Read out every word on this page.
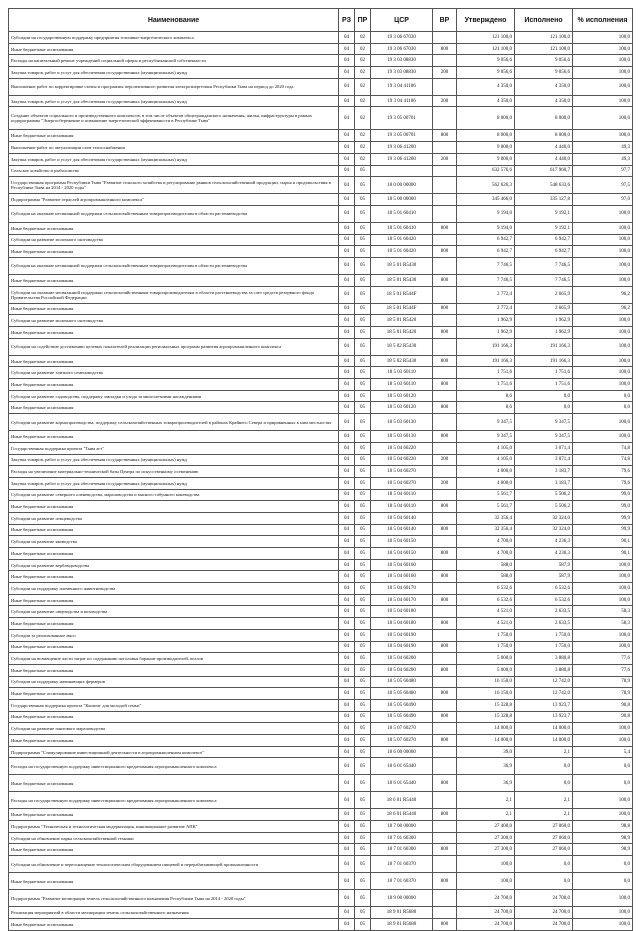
Наименование	РЗ	ПР	ЦСР	ВР	Утверждено	Исполнено	% исполнения
Субсидии на государственную поддержку предприятия топливно-энергетического комплекса	04	02	19 3 06 67030		121 100,0	121 100,0	100,0
Иные бюджетные ассигнования	04	02	19 3 06 67030	800	121 100,0	121 100,0	100,0
Расходы на капитальный ремонт учреждений социальной сферы и республиканской собственности	04	02	19 3 03 08830		9 056,6	9 056,6	100,0
Закупка товаров, работ и услуг для обеспечения государственных (муниципальных) нужд	04	02	19 3 03 08830	200	9 056,6	9 056,6	100,0
Выполнение работ по корректировке схемы и программы перспективного развития электроэнергетики Республики Тыва на период до 2020 года	04	02	19 3 04 41106		4 350,0	4 350,0	100,0
Закупка товаров, работ и услуг для обеспечения государственных (муниципальных) нужд	04	02	19 3 04 41106	200	4 350,0	4 350,0	100,0
Создание объектов социального и производственного комплексов, в том числе объектов общегражданского назначения, жилья, инфраструктуры в рамках подпрограммы "Энергосбережение и повышение энергетической эффективности в Республике Тыва"	04	02	19 3 05 00701		8 000,0	8 000,0	100,0
Иные бюджетные ассигнования	04	02	19 3 05 00701	800	8 000,0	8 000,0	100,0
Выполнение работ по актуализации схем теплоснабжения	04	02	19 3 06 41200		9 000,0	4 440,0	49,3
Закупка товаров, работ и услуг для обеспечения государственных (муниципальных) нужд	04	02	19 3 06 41200	200	9 000,0	4 440,0	49,3
Сельское хозяйство и рыболовство	04	05			632 576,6	617 960,7	97,7
Государственная программа Республики Тыва "Развитие сельского хозяйства и регулирование рынков сельскохозяйственной продукции, сырья и продовольствия в Республике Тыва на 2014 - 2020 годы"	04	05	18 0 00 00000		562 626,3	548 633,6	97,5
Подпрограмма "Развитие отраслей агропромышленного комплекса"	04	05	18 5 00 00000		345 466,0	335 127,8	97,0
Субсидия на оказание несвязанной поддержки сельскохозяйственным товаропроизводителям в области растениеводства	04	05	18 5 01 60410		9 194,0	9 192,1	100,0
Иные бюджетные ассигнования	04	05	18 5 01 60410	800	9 194,0	9 192,1	100,0
Субсидии на развитие молочного скотоводства	04	05	18 5 01 60420		6 942,7	6 942,7	100,0
Иные бюджетные ассигнования	04	05	18 5 01 60420	800	6 942,7	6 942,7	100,0
Субсидия на оказание несвязанной поддержки сельскохозяйственным товаропроизводителям в области растениеводства	04	05	18 5 01 R5430		7 746,5	7 746,5	100,0
Иные бюджетные ассигнования	04	05	18 5 01 R5430	800	7 746,5	7 746,5	100,0
Субсидии на оказание несвязанной поддержки сельскохозяйственным товаропроизводителям в области растениеводства за счет средств резервного фонда Правительства Российской Федерации	04	05	18 5 01 R544F		2 772,4	2 665,9	96,2
Иные бюджетные ассигнования	04	05	18 5 01 R544F	800	2 772,4	2 665,9	96,2
Субсидии на развитие молочного скотоводства	04	05	18 5 01 R5420		1 962,9	1 962,9	100,0
Иные бюджетные ассигнования	04	05	18 5 01 R5420	800	1 962,9	1 962,9	100,0
Субсидии на содействие достижению целевых показателей реализации региональных программ развития агропромышленного комплекса	04	05	18 5 02 R5430		191 166,3	191 166,3	100,0
Иные бюджетные ассигнования	04	05	18 5 02 R5430	800	191 166,3	191 166,3	100,0
Субсидии на развитие элитного семеноводства	04	05	18 5 03 60110		1 751,6	1 751,6	100,0
Иные бюджетные ассигнования	04	05	18 5 03 60110	800	1 751,6	1 751,6	100,0
Субсидии на развитие садоводства, поддержку закладки и ухода за многолетними насаждениями	04	05	18 5 03 60120		8,6	0,0	0,0
Иные бюджетные ассигнования	04	05	18 5 03 60120	800	8,6	0,0	0,0
Субсидии на развитие кормопроизводства, поддержку сельскохозяйственных товаропроизводителей в районах Крайнего Севера и приравненных к ним местностях	04	05	18 5 03 60130		9 347,5	9 347,5	100,0
Иные бюджетные ассигнования	04	05	18 5 03 60130	800	9 347,5	9 347,5	100,0
Государственная поддержка проекта "Тыва агт"	04	05	18 5 04 60220		4 105,0	3 071,4	74,8
Закупка товаров, работ и услуг для обеспечения государственных (муниципальных) нужд	04	05	18 5 04 60220	200	4 105,0	3 071,4	74,8
Расходы на увеличение материально-технической базы Центра по искусственному осеменению	04	05	18 5 04 60270		4 000,0	3 183,7	79,6
Закупка товаров, работ и услуг для обеспечения государственных (муниципальных) нужд	04	05	18 5 04 60270	200	4 000,0	3 183,7	79,6
Субсидии на развитие северного оленеводства, мараловодства и мясного табунного коневодства	04	05	18 5 04 60110		5 561,7	5 506,2	99,0
Иные бюджетные ассигнования	04	05	18 5 04 60110	800	5 561,7	5 506,2	99,0
Субсидии на развитие птицеводства	04	05	18 5 04 60140		32 356,4	32 324,0	99,9
Иные бюджетные ассигнования	04	05	18 5 04 60140	800	32 356,4	32 324,0	99,9
Субсидии на развитие яководства	04	05	18 5 04 60150		4 700,0	4 236,3	90,1
Иные бюджетные ассигнования	04	05	18 5 04 60150	800	4 700,0	4 236,3	90,1
Субсидии на развитие верблюдоводства	04	05	18 5 04 60160		588,0	587,9	100,0
Иные бюджетные ассигнования	04	05	18 5 04 60160	800	588,0	587,9	100,0
Субсидии на поддержку племенного животноводства	04	05	18 5 04 60170		6 532,6	6 532,6	100,0
Иные бюджетные ассигнования	04	05	18 5 04 60170	800	6 532,6	6 532,6	100,0
Субсидии на развитие овцеводства и козоводства	04	05	18 5 04 60180		4 521,0	2 633,5	58,3
Иные бюджетные ассигнования	04	05	18 5 04 60180	800	4 521,0	2 633,5	58,3
Субсидии за реализованное мясо	04	05	18 5 04 60190		1 750,0	1 750,0	100,0
Иные бюджетные ассигнования	04	05	18 5 04 60190	800	1 750,0	1 750,0	100,0
Субсидии на возмещение части затрат по содержанию поголовья баранов-производителей, козлов	04	05	18 5 04 60200		5 000,0	3 880,8	77,6
Иные бюджетные ассигнования	04	05	18 5 04 60200	800	5 000,0	3 880,8	77,6
Субсидии на поддержку начинающих фермеров	04	05	18 5 05 60480		16 150,0	12 742,0	78,9
Иные бюджетные ассигнования	04	05	18 5 05 60480	800	16 150,0	12 742,0	78,9
Государственная поддержка проекта "Кыштаг для молодой семьи"	04	05	18 5 05 60490		15 328,8	13 923,7	90,8
Иные бюджетные ассигнования	04	05	18 5 05 60490	800	15 328,8	13 923,7	90,8
Субсидии на развитие пантового мараловодства	04	05	18 5 07 60270		14 000,0	14 000,0	100,0
Иные бюджетные ассигнования	04	05	18 5 07 60270	800	14 000,0	14 000,0	100,0
Подпрограмма "Стимулирование инвестиционной деятельности в агропромышленном комплексе"	04	05	18 6 00 00000		39,0	2,1	5,4
Расходы на государственную поддержку инвестиционного кредитования агропромышленного комплекса	04	05	18 6 01 65440		36,9	0,0	0,0
Иные бюджетные ассигнования	04	05	18 6 01 65440	800	36,9	0,0	0,0
Расходы на государственную поддержку инвестиционного кредитования агропромышленного комплекса	04	05	18 6 01 R5440		2,1	2,1	100,0
Иные бюджетные ассигнования	04	05	18 6 01 R5440	800	2,1	2,1	100,0
Подпрограмма "Техническая и технологическая модернизация, инновационное развитие АПК"	04	05	18 7 00 00000		27 400,0	27 060,0	98,8
Субсидии на обновление парка сельскохозяйственной техники	04	05	18 7 01 60300		27 300,0	27 060,0	98,9
Иные бюджетные ассигнования	04	05	18 7 01 60300	800	27 300,0	27 060,0	98,9
Субсидии на обновление и переоснащение технологическим оборудованием пищевой и перерабатывающей промышленности	04	05	18 7 01 60370		100,0	0,0	0,0
Иные бюджетные ассигнования	04	05	18 7 01 60370	800	100,0	0,0	0,0
Подпрограмма "Развитие мелиорации земель сельскохозяйственного назначения Республики Тыва на 2014 - 2020 годы"	04	05	18 9 00 00000		24 700,0	24 700,0	100,0
Реализация мероприятий в области мелиорации земель сельскохозяйственного назначения	04	05	18 9 01 R5680		24 700,0	24 700,0	100,0
Иные бюджетные ассигнования	04	05	18 9 01 R5680	800	24 700,0	24 700,0	100,0
